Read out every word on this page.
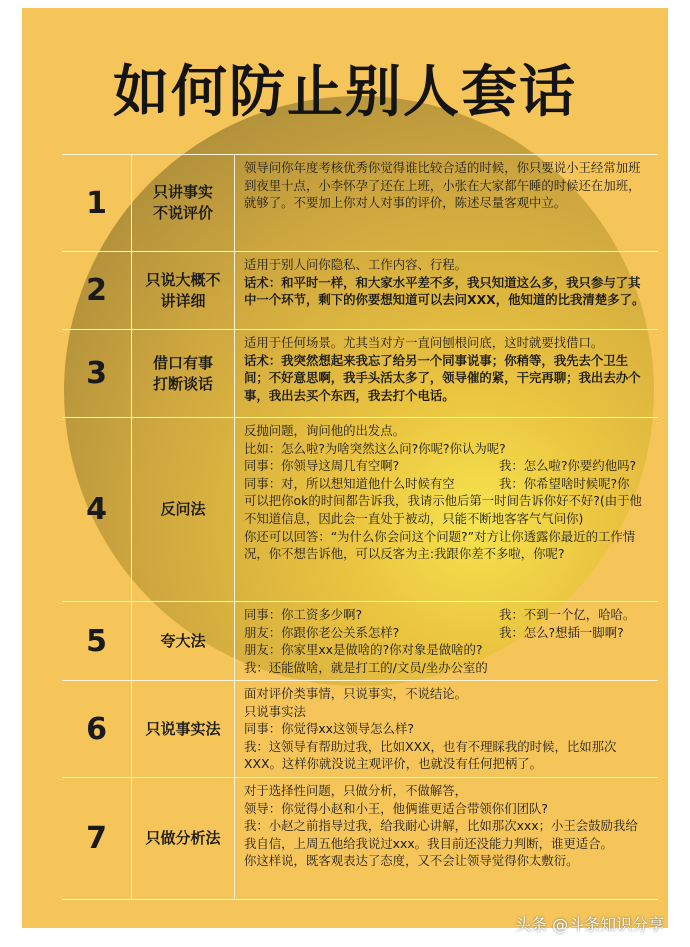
如何防止别人套话
1	只讲事实
不说评价

领导问你年度考核优秀你觉得谁比较合适的时候，你只要说小王经常加班到夜里十点，小李怀孕了还在上班，小张在大家都午睡的时候还在加班，就够了。不要加上你对人对事的评价，陈述尽量客观中立。

2	只说大概不
讲详细

适用于别人问你隐私、工作内容、行程。

话术：和平时一样，和大家水平差不多，我只知道这么多，我只参与了其中一个环节，剩下的你要想知道可以去问XXX，他知道的比我清楚多了。

3	借口有事
打断谈话

适用于任何场景。尤其当对方一直问刨根问底，这时就要找借口。

话术：我突然想起来我忘了给另一个同事说事；你稍等，我先去个卫生间；不好意思啊，我手头活太多了，领导催的紧，干完再聊；我出去办个事，我出去买个东西，我去打个电话。

4	反问法

反抛问题，询问他的出发点。

比如：怎么啦?为啥突然这么问?你呢?你认为呢?

同事：你领导这周几有空啊?	我：怎么啦?你要约他吗?
同事：对，所以想知道他什么时候有空	我：你希望啥时候呢?你

可以把你ok的时间都告诉我，我请示他后第一时间告诉你好不好?(由于他不知道信息，因此会一直处于被动，只能不断地客客气气问你)

你还可以回答：“为什么你会问这个问题?”对方让你透露你最近的工作情况，你不想告诉他，可以反客为主:我跟你差不多啦，你呢?

5	夸大法
同事：你工资多少啊?	我：不到一个亿，哈哈。
朋友：你跟你老公关系怎样?	我：怎么?想插一脚啊?

朋友：你家里xx是做啥的?你对象是做啥的?

我：还能做啥，就是打工的/文员/坐办公室的

6	只说事实法

面对评价类事情，只说事实，不说结论。

只说事实法

同事：你觉得xx这领导怎么样?

我：这领导有帮助过我，比如XXX，也有不理睬我的时候，比如那次XXX。这样你就没说主观评价，也就没有任何把柄了。

7	只做分析法

对于选择性问题，只做分析，不做解答，

领导：你觉得小赵和小王，他俩谁更适合带领你们团队?

我：小赵之前指导过我，给我耐心讲解，比如那次xxx；小王会鼓励我给我自信，上周五他给我说过xxx。我目前还没能力判断，谁更适合。

你这样说，既客观表达了态度，又不会让领导觉得你太敷衍。

头条 @斗条知识分享
